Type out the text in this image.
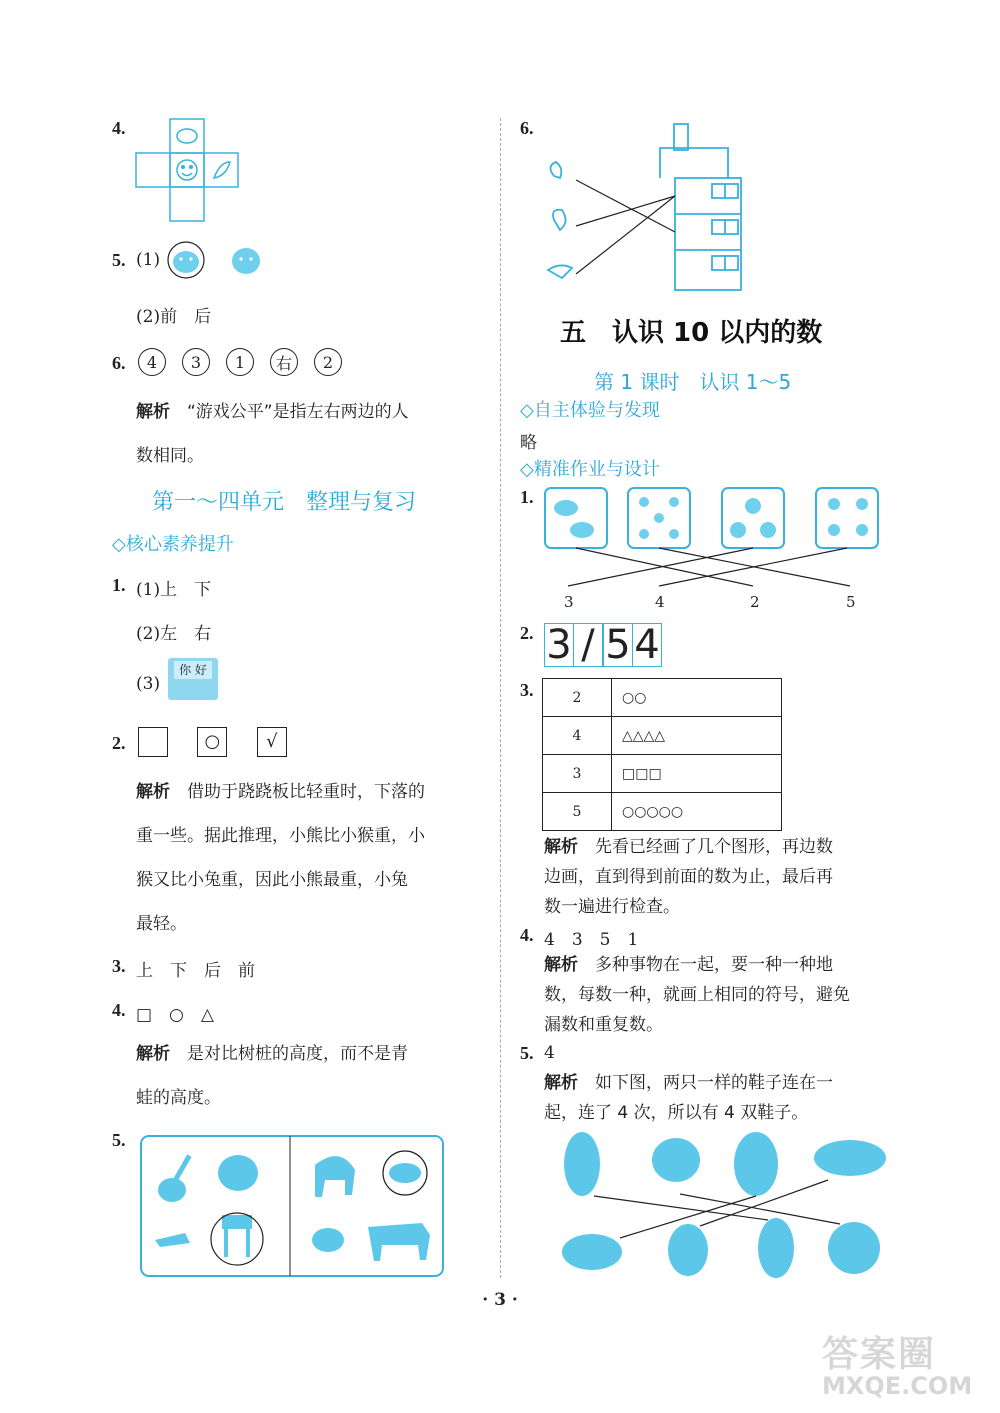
4.
5. (1)
(2)前　后
6.	4	3	1	右	2
解析　 “游戏公平”是指左右两边的人
数相同。
第一～四单元　整理与复习
◇核心素养提升
1. (1)上　下
(2)左　右
(3)
你 好
2.	○	√
解析　 借助于跷跷板比轻重时，下落的
重一些。据此推理，小熊比小猴重，小
猴又比小兔重，因此小熊最重，小兔
最轻。
3. 上　下　后　前
4. □　○　△
解析　 是对比树桩的高度，而不是青
蛙的高度。
5.
6.
五　认识 10 以内的数
第 1 课时　认识 1～5
◇自主体验与发现
略
◇精准作业与设计
1.
3	4	2	5
2. 3 / 5 4
3.	2	○○
4	△△△△
3	□□□
5	○○○○○
解析　 先看已经画了几个图形，再边数
边画，直到得到前面的数为止，最后再
数一遍进行检查。
4. 4　3　5　1
解析　 多种事物在一起，要一种一种地
数，每数一种，就画上相同的符号，避免
漏数和重复数。
5. 4
解析　 如下图，两只一样的鞋子连在一
起，连了 4 次，所以有 4 双鞋子。
· 3 ·
答案圈
MXQE.COM
